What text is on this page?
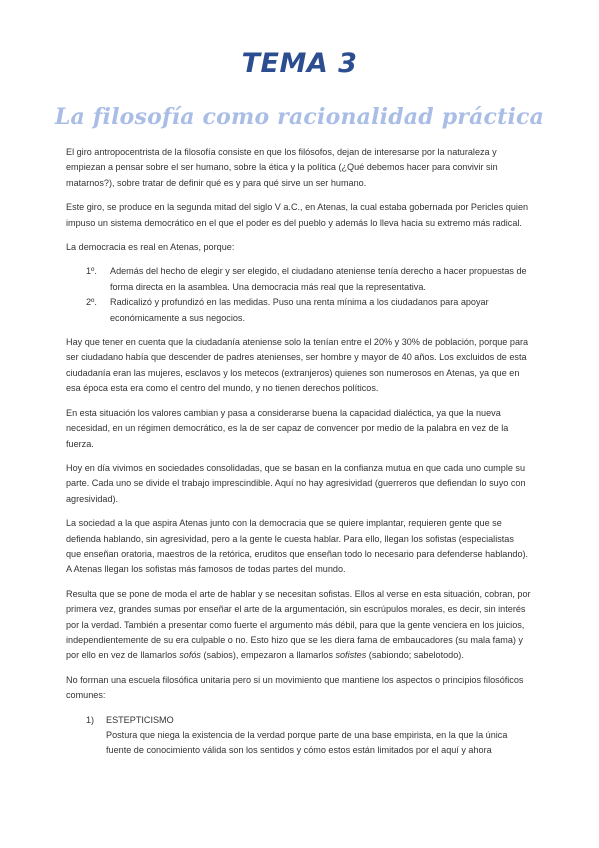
TEMA 3
La filosofía como racionalidad práctica

El giro antropocentrista de la filosofía consiste en que los filósofos, dejan de interesarse por la naturaleza y empiezan a pensar sobre el ser humano, sobre la ética y la política (¿Qué debemos hacer para convivir sin matarnos?), sobre tratar de definir qué es y para qué sirve un ser humano.

Este giro, se produce en la segunda mitad del siglo V a.C., en Atenas, la cual estaba gobernada por Pericles quien impuso un sistema democrático en el que el poder es del pueblo y además lo lleva hacia su extremo más radical.

La democracia es real en Atenas, porque:

1º. Además del hecho de elegir y ser elegido, el ciudadano ateniense tenía derecho a hacer propuestas de forma directa en la asamblea. Una democracia más real que la representativa.
2º. Radicalizó y profundizó en las medidas. Puso una renta mínima a los ciudadanos para apoyar económicamente a sus negocios.

Hay que tener en cuenta que la ciudadanía ateniense solo la tenían entre el 20% y 30% de población, porque para ser ciudadano había que descender de padres atenienses, ser hombre y mayor de 40 años. Los excluidos de esta ciudadanía eran las mujeres, esclavos y los metecos (extranjeros) quienes son numerosos en Atenas, ya que en esa época esta era como el centro del mundo, y no tienen derechos políticos.

En esta situación los valores cambian y pasa a considerarse buena la capacidad dialéctica, ya que la nueva necesidad, en un régimen democrático, es la de ser capaz de convencer por medio de la palabra en vez de la fuerza.

Hoy en día vivimos en sociedades consolidadas, que se basan en la confianza mutua en que cada uno cumple su parte. Cada uno se divide el trabajo imprescindible. Aquí no hay agresividad (guerreros que defiendan lo suyo con agresividad).

La sociedad a la que aspira Atenas junto con la democracia que se quiere implantar, requieren gente que se defienda hablando, sin agresividad, pero a la gente le cuesta hablar. Para ello, llegan los sofistas (especialistas que enseñan oratoria, maestros de la retórica, eruditos que enseñan todo lo necesario para defenderse hablando). A Atenas llegan los sofistas más famosos de todas partes del mundo.

Resulta que se pone de moda el arte de hablar y se necesitan sofistas. Ellos al verse en esta situación, cobran, por primera vez, grandes sumas por enseñar el arte de la argumentación, sin escrúpulos morales, es decir, sin interés por la verdad. También a presentar como fuerte el argumento más débil, para que la gente venciera en los juicios, independientemente de su era culpable o no. Esto hizo que se les diera fama de embaucadores (su mala fama) y por ello en vez de llamarlos sofós (sabios), empezaron a llamarlos sofistes (sabiondo; sabelotodo).

No forman una escuela filosófica unitaria pero si un movimiento que mantiene los aspectos o principios filosóficos comunes:

1) ESTEPTICISMO
Postura que niega la existencia de la verdad porque parte de una base empirista, en la que la única fuente de conocimiento válida son los sentidos y cómo estos están limitados por el aquí y ahora
